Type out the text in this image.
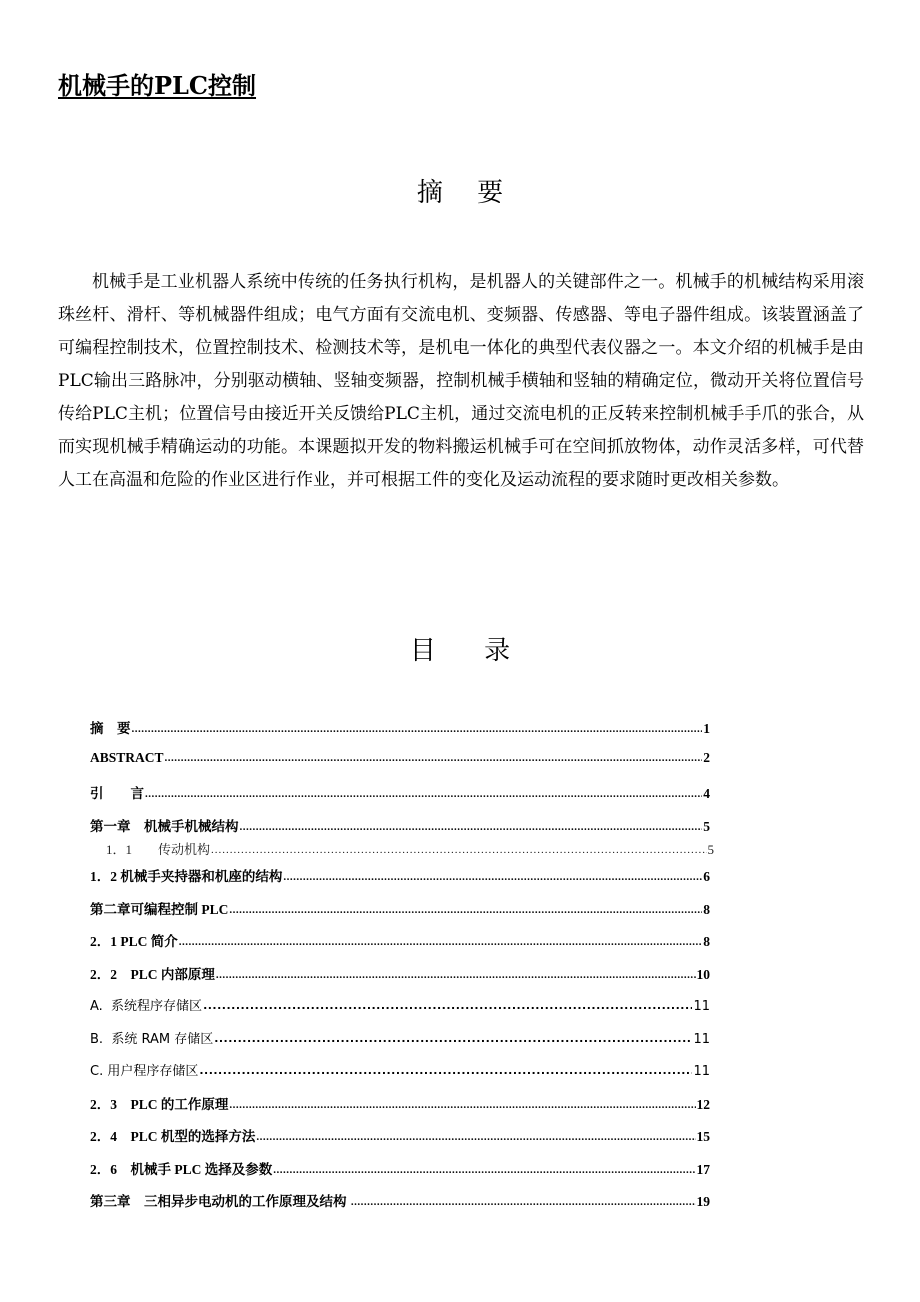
机械手的PLC控制
摘 要
机械手是工业机器人系统中传统的任务执行机构，是机器人的关键部件之一。机械手的机械结构采用滚珠丝杆、滑杆、等机械器件组成；电气方面有交流电机、变频器、传感器、等电子器件组成。该装置涵盖了可编程控制技术，位置控制技术、检测技术等，是机电一体化的典型代表仪器之一。本文介绍的机械手是由PLC输出三路脉冲，分别驱动横轴、竖轴变频器，控制机械手横轴和竖轴的精确定位，微动开关将位置信号传给PLC主机；位置信号由接近开关反馈给PLC主机，通过交流电机的正反转来控制机械手手爪的张合，从而实现机械手精确运动的功能。本课题拟开发的物料搬运机械手可在空间抓放物体，动作灵活多样，可代替人工在高温和危险的作业区进行作业，并可根据工件的变化及运动流程的要求随时更改相关参数。
目 录
摘　要 .....	1
ABSTRACT .....	2
引　　言 .....	4
第一章　机械手机械结构 .....	5
1．1　　传动机构 .....	5
1．2 机械手夹持器和机座的结构 .....	6
第二章可编程控制 PLC .....	8
2．1 PLC 简介 .....	8
2．2　PLC 内部原理 .....	10
A.  系统程序存储区 .....	11
B.  系统 RAM 存储区 .....	11
C. 用户程序存储区 .....	11
2．3　PLC 的工作原理 .....	12
2．4　PLC 机型的选择方法 .....	15
2．6　机械手 PLC 选择及参数 .....	17
第三章　三相异步电动机的工作原理及结构 .....	19
